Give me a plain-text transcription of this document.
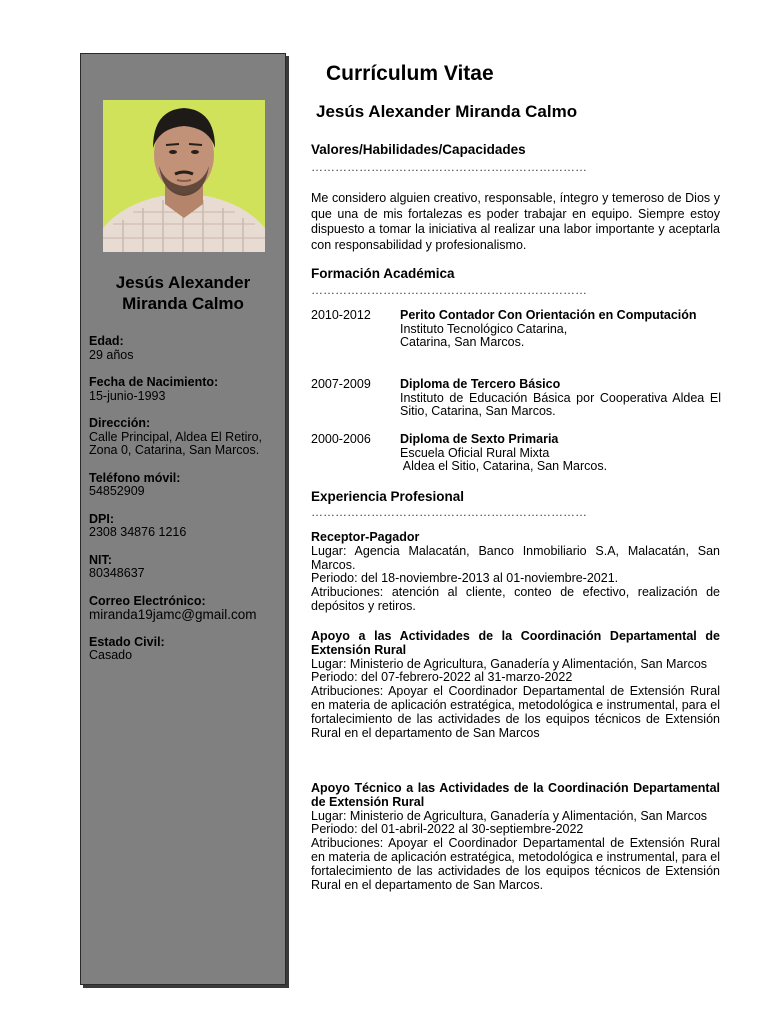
Jesús Alexander Miranda Calmo
Edad:
29 años
Fecha de Nacimiento:
15-junio-1993
Dirección:
Calle Principal, Aldea El Retiro, Zona 0, Catarina, San Marcos.
Teléfono móvil:
54852909
DPI:
2308 34876 1216
NIT:
80348637
Correo Electrónico:
miranda19jamc@gmail.com
Estado Civil:
Casado
Currículum Vitae
Jesús Alexander Miranda Calmo
Valores/Habilidades/Capacidades
……………………………………………………………
Me considero alguien creativo, responsable, íntegro y temeroso de Dios y que una de mis fortalezas es poder trabajar en equipo. Siempre estoy dispuesto a tomar la iniciativa al realizar una labor importante y aceptarla con responsabilidad y profesionalismo.
Formación Académica
……………………………………………………………
2010-2012 Perito Contador Con Orientación en Computación
Instituto Tecnológico Catarina,
Catarina, San Marcos.
2007-2009 Diploma de Tercero Básico
Instituto de Educación Básica por Cooperativa Aldea El Sitio, Catarina, San Marcos.
2000-2006 Diploma de Sexto Primaria
Escuela Oficial Rural Mixta
Aldea el Sitio, Catarina, San Marcos.
Experiencia Profesional
……………………………………………………………
Receptor-Pagador
Lugar: Agencia Malacatán, Banco Inmobiliario S.A, Malacatán, San Marcos.
Periodo: del 18-noviembre-2013 al 01-noviembre-2021.
Atribuciones: atención al cliente, conteo de efectivo, realización de depósitos y retiros.
Apoyo a las Actividades de la Coordinación Departamental de Extensión Rural
Lugar: Ministerio de Agricultura, Ganadería y Alimentación, San Marcos
Periodo: del 07-febrero-2022 al 31-marzo-2022
Atribuciones: Apoyar el Coordinador Departamental de Extensión Rural en materia de aplicación estratégica, metodológica e instrumental, para el fortalecimiento de las actividades de los equipos técnicos de Extensión Rural en el departamento de San Marcos
Apoyo Técnico a las Actividades de la Coordinación Departamental de Extensión Rural
Lugar: Ministerio de Agricultura, Ganadería y Alimentación, San Marcos
Periodo: del 01-abril-2022 al 30-septiembre-2022
Atribuciones: Apoyar el Coordinador Departamental de Extensión Rural en materia de aplicación estratégica, metodológica e instrumental, para el fortalecimiento de las actividades de los equipos técnicos de Extensión Rural en el departamento de San Marcos.
